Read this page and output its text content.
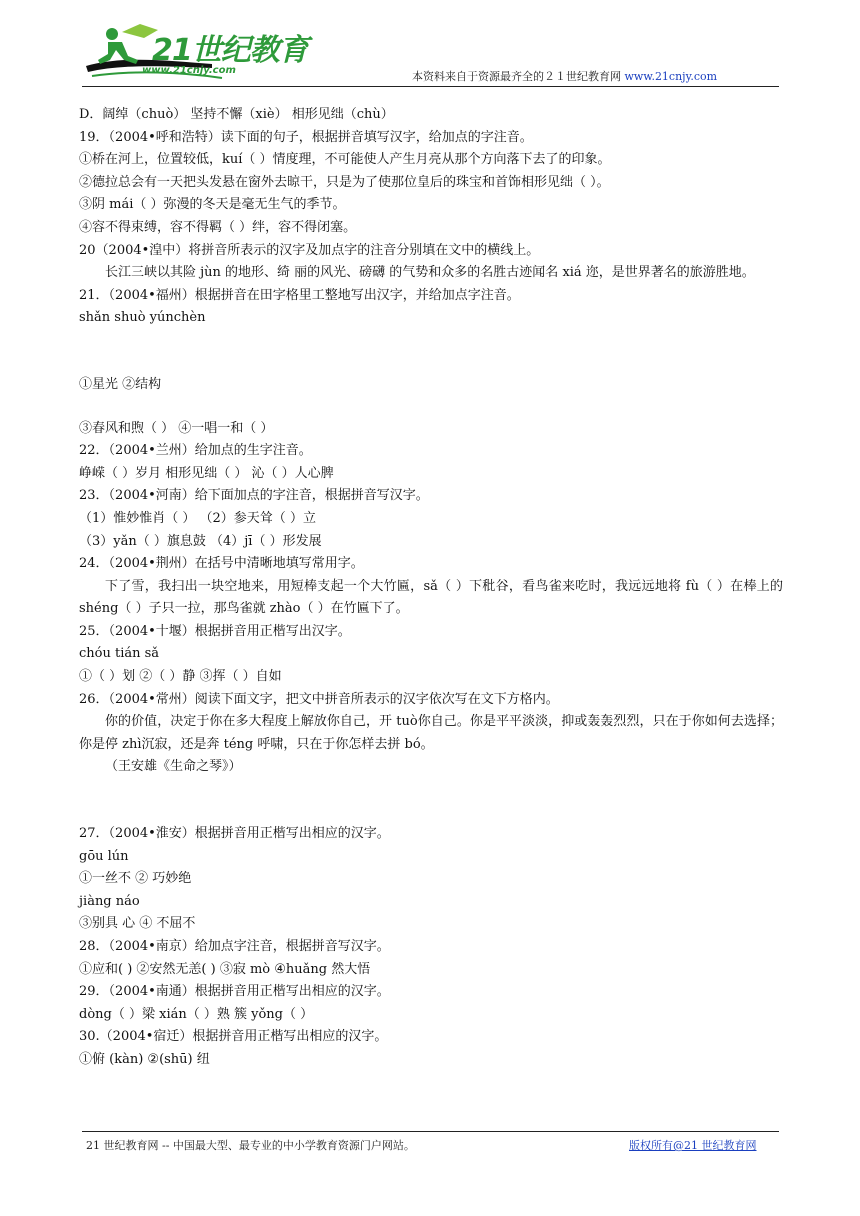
21世纪教育
www.21cnjy.com	本资料来自于资源最齐全的２１世纪教育网 www.21cnjy.com
D．阔绰（chuò） 坚持不懈（xiè） 相形见绌（chù）
19．（2004•呼和浩特）读下面的句子，根据拼音填写汉字，给加点的字注音。
①桥在河上，位置较低，kuí（ ）情度理，不可能使人产生月亮从那个方向落下去了的印象。
②德拉总会有一天把头发悬在窗外去晾干，只是为了使那位皇后的珠宝和首饰相形见绌（ ）。
③阴 mái（ ）弥漫的冬天是毫无生气的季节。
④容不得束缚，容不得羁（ ）绊，容不得闭塞。
20（2004•湟中）将拼音所表示的汉字及加点字的注音分别填在文中的横线上。
长江三峡以其险 jùn 的地形、绮 丽的风光、磅礴 的气势和众多的名胜古迹闻名 xiá 迩，是世界著名的旅游胜地。
21．（2004•福州）根据拼音在田字格里工整地写出汉字，并给加点字注音。
shǎn shuò yúnchèn
①星光 ②结构
③春风和煦（ ） ④一唱一和（ ）
22．（2004•兰州）给加点的生字注音。
峥嵘（ ）岁月 相形见绌（ ） 沁（ ）人心脾
23．（2004•河南）给下面加点的字注音，根据拼音写汉字。
（1）惟妙惟肖（ ） （2）参天耸（ ）立
（3）yǎn（ ）旗息鼓 （4）jī（ ）形发展
24．（2004•荆州）在括号中清晰地填写常用字。
下了雪，我扫出一块空地来，用短棒支起一个大竹匾，sǎ（ ）下秕谷，看鸟雀来吃时，我远远地将 fù（ ）在棒上的 shéng（ ）子只一拉，那鸟雀就 zhào（ ）在竹匾下了。
25．（2004•十堰）根据拼音用正楷写出汉字。
chóu tián sǎ
①（ ）划 ②（ ）静 ③挥（ ）自如
26．（2004•常州）阅读下面文字，把文中拼音所表示的汉字依次写在文下方格内。
你的价值，决定于你在多大程度上解放你自己，开 tuò你自己。你是平平淡淡，抑或轰轰烈烈，只在于你如何去选择；你是停 zhì沉寂，还是奔 téng 呼啸，只在于你怎样去拼 bó。
（王安雄《生命之琴》）
27．（2004•淮安）根据拼音用正楷写出相应的汉字。
gōu lún
①一丝不 ② 巧妙绝
jiàng náo
③别具 心 ④ 不屈不
28．（2004•南京）给加点字注音，根据拼音写汉字。
①应和( ) ②安然无恙( ) ③寂 mò ④huǎng 然大悟
29．（2004•南通）根据拼音用正楷写出相应的汉字。
dòng（ ）梁 xián（ ）熟 簇 yǒng（ ）
30.（2004•宿迁）根据拼音用正楷写出相应的汉字。
①俯 (kàn) ②(shū) 纽
21 世纪教育网 -- 中国最大型、最专业的中小学教育资源门户网站。	版权所有@21 世纪教育网
